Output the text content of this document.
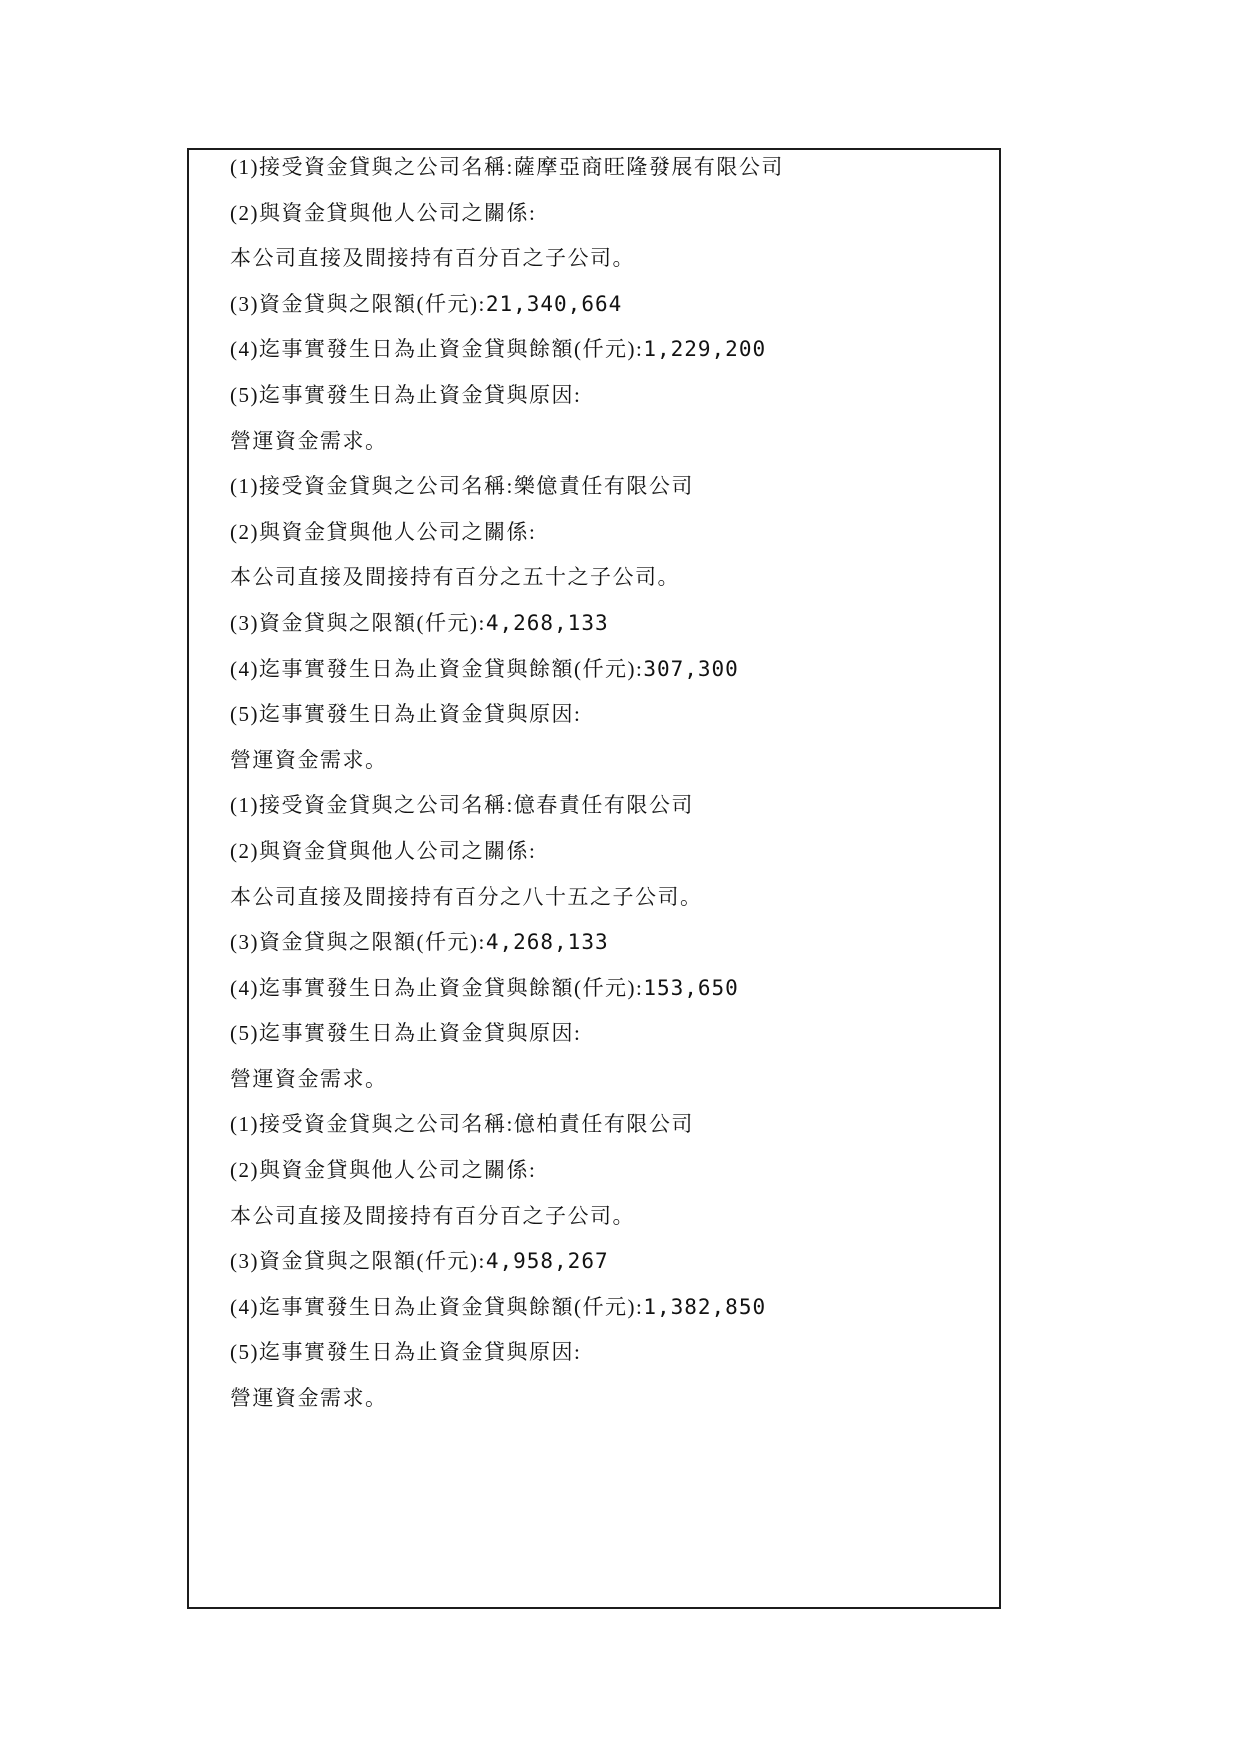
(1)接受資金貸與之公司名稱:薩摩亞商旺隆發展有限公司
(2)與資金貸與他人公司之關係:
本公司直接及間接持有百分百之子公司。
(3)資金貸與之限額(仟元):21,340,664
(4)迄事實發生日為止資金貸與餘額(仟元):1,229,200
(5)迄事實發生日為止資金貸與原因:
營運資金需求。
(1)接受資金貸與之公司名稱:樂億責任有限公司
(2)與資金貸與他人公司之關係:
本公司直接及間接持有百分之五十之子公司。
(3)資金貸與之限額(仟元):4,268,133
(4)迄事實發生日為止資金貸與餘額(仟元):307,300
(5)迄事實發生日為止資金貸與原因:
營運資金需求。
(1)接受資金貸與之公司名稱:億春責任有限公司
(2)與資金貸與他人公司之關係:
本公司直接及間接持有百分之八十五之子公司。
(3)資金貸與之限額(仟元):4,268,133
(4)迄事實發生日為止資金貸與餘額(仟元):153,650
(5)迄事實發生日為止資金貸與原因:
營運資金需求。
(1)接受資金貸與之公司名稱:億柏責任有限公司
(2)與資金貸與他人公司之關係:
本公司直接及間接持有百分百之子公司。
(3)資金貸與之限額(仟元):4,958,267
(4)迄事實發生日為止資金貸與餘額(仟元):1,382,850
(5)迄事實發生日為止資金貸與原因:
營運資金需求。
